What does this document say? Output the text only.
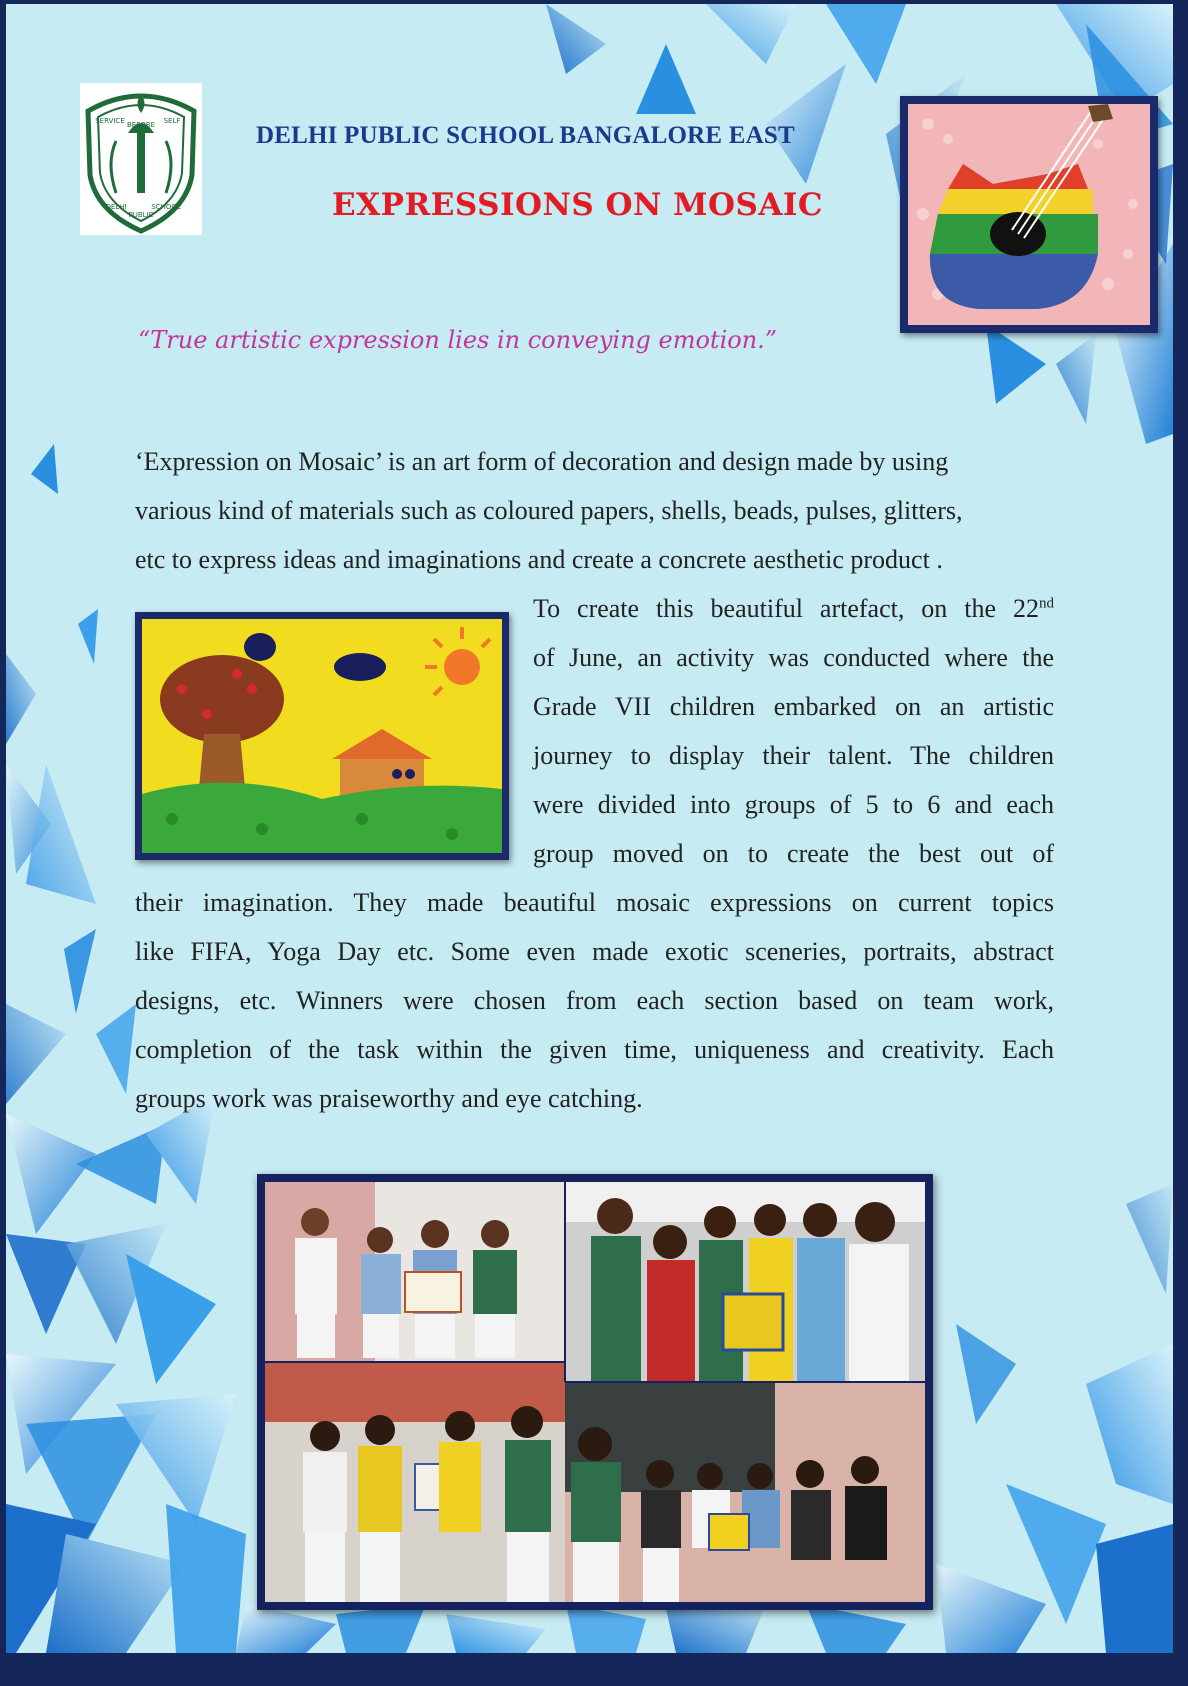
BEFORE
SERVICE	SELF
DELHI
PUBLIC
SCHOOL
DELHI PUBLIC SCHOOL BANGALORE EAST
EXPRESSIONS ON MOSAIC
“True artistic expression lies in conveying emotion.”
‘Expression on Mosaic’ is an art form of decoration and design made by using
various kind of materials such as coloured papers, shells, beads, pulses, glitters,
etc to express ideas and imaginations and create a concrete aesthetic product .
To create this beautiful artefact, on the 22nd
of June, an activity was conducted where the
Grade VII children embarked on an artistic
journey to display their talent. The children
were divided into groups of 5 to 6 and each
group moved on to create the best out of
their imagination. They made beautiful mosaic expressions on current topics
like FIFA, Yoga Day etc. Some even made exotic sceneries, portraits, abstract
designs, etc. Winners were chosen from each section based on team work,
completion of the task within the given time, uniqueness and creativity. Each
groups work was praiseworthy and eye catching.
